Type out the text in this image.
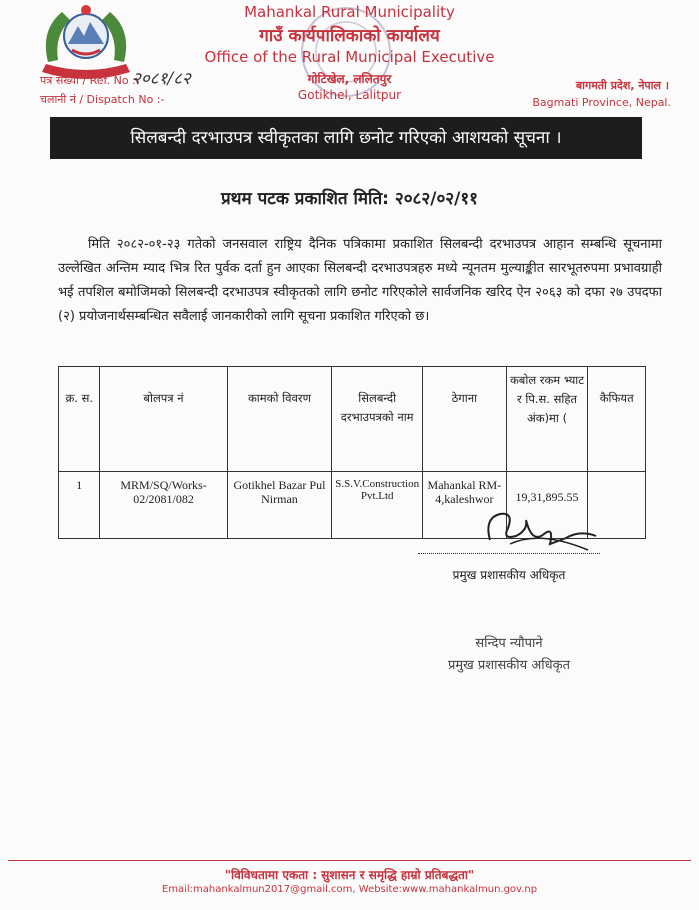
Mahankal Rural Municipality
गाउँ कार्यपालिकाको कार्यालय
Office of the Rural Municipal Executive
गोटिखेल, ललितपुर
Gotikhel, Lalitpur
पत्र संख्या / Ref. No :-
२०८१/८२
चलानी नं / Dispatch No :-
बागमती प्रदेश, नेपाल ।
Bagmati Province, Nepal.
सिलबन्दी दरभाउपत्र स्वीकृतका लागि छनोट गरिएको आशयको सूचना ।
प्रथम पटक प्रकाशित मिति: २०८२/०२/११
मिति २०८२-०१-२३ गतेको जनसवाल राष्ट्रिय दैनिक पत्रिकामा प्रकाशित सिलबन्दी दरभाउपत्र आहान सम्बन्धि सूचनामा उल्लेखित अन्तिम म्याद भित्र रित पुर्वक दर्ता हुन आएका सिलबन्दी दरभाउपत्रहरु मध्ये न्यूनतम मुल्याङ्कीत सारभूतरुपमा प्रभावग्राही भई तपशिल बमोजिमको सिलबन्दी दरभाउपत्र स्वीकृतको लागि छनोट गरिएकोले सार्वजनिक खरिद ऐन २०६३ को दफा २७ उपदफा (२) प्रयोजनार्थसम्बन्धित सवैलाई जानकारीको लागि सूचना प्रकाशित गरिएको छ।
क्र. स.	बोलपत्र नं	कामको विवरण	सिलबन्दी दरभाउपत्रको नाम	ठेगाना	कबोल रकम भ्याट र पि.स. सहित अंक)मा (	कैफियत
1	MRM/SQ/Works-02/2081/082	Gotikhel Bazar Pul Nirman	S.S.V.Construction Pvt.Ltd	Mahankal RM-4,kaleshwor	19,31,895.55	
प्रमुख प्रशासकीय अधिकृत
सन्दिप न्यौपाने
प्रमुख प्रशासकीय अधिकृत
"विविधतामा एकता : सुशासन र समृद्धि हाम्रो प्रतिबद्धता"
Email:mahankalmun2017@gmail.com, Website:www.mahankalmun.gov.np
